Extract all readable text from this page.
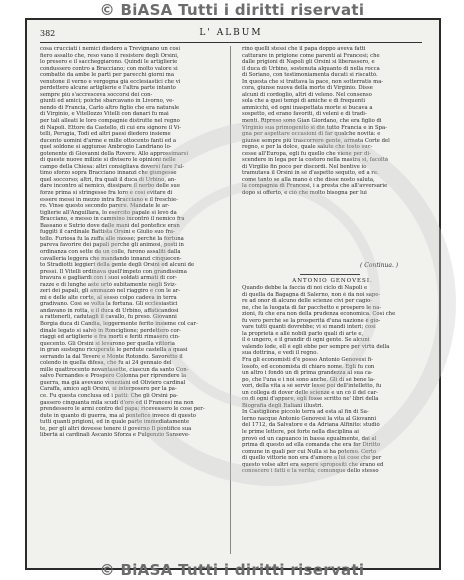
© BiASA Tutti i diritti riservati
382	L' ALBUM
cosa crucciati i nemici diedero a Trevignano un cosi
fiero assalto che, reso vano il resistere degli Orsini,
lo presero e il saccheggiarono. Quindi le artiglierie
condussero contro a Bracciano; con molto valore si
combatté da ambe le parti per parecchi giorni ma
venutone il verno e vergogna già ecclesiastici che vi
perdettero alcune artiglierie e l'altra parte intanto
sempre più s'accresceva soccorsi dei con-
giunti ed amici; poiché sbarcavano in Livorno, ve-
nendo di Francia, Carlo altro figlio che era naturale
di Virginio, e Vitellozzo Vitelli con danari fu mai
per tali alleati le loro compagnie distrutte nel regno
di Napoli. Ettore da Castello, di cui era signore il Vi-
telli, Perugia, Todi ed altri paesi diedero insieme
ducento uomini d'arme e mille ottocento fanti ed a
quel soldone si aggiunse Ambrogio Landriano lo-
gotenente di Giovanni della Rovere. Allo approssimarsi
di queste nuove milizie si divisero le opinioni nelle
campo della Chiesa: altri consigliava doversi fare l'ul-
timo sforzo sopra Bracciano innanzi che giungesse
quel soccorso; altri, fra quali il duca di Urbino, an-
dare incontro al nemico, dissipare il nerbo delle sue
forze prima si stringesse fra loro e così evitare di
essere messi in mezzo intra Bracciano e il freschie-
ro. Vinse questo secondo parere. Mandate le ar-
tiglierie all'Anguillara, lo esercito papale si levò da
Bracciano, e messo in cammino incontrò il nemico fra
Bassano e Sutrio dove dalle mani del pontefice eran
fuggiti il cardinale Battista Orsini e Giulio suo fra-
tello. Furiosa fu la zuffa alle mosse; perché la fortuna
pareva favorire dei papali perché gli animosi, posti in
ordinanza con sette da un colle, furono assaliti dalla
cavalleria leggera che mandando innanzi cinquecen-
to Stradiotti leggieri della gente degli Orsini ed alcuni de
pressi. Il Vitelli ordinava quell'impeto con grandissima
bravura e gagliardi con i suoi soldati armati di cor-
razze e di lunghe aste urtò subitamente negli Sviz-
zeri dei papali, gli ammazzò nel riaggiro e con le ar-
mi e delle alte corte, al sesso colpo cadeva in terra
gradivano. Così se volta la fortuna. Gli ecclesiastici
andavano in rotta, e il duca di Urbino, affaticandosi
a rattenerli, cadutagli il cavallo, fu preso. Giovanni
Borgia duca di Candia, leggermente ferito insieme col car-
dinale legato si salvò in Ronciglione; perdettero cor-
riaggi ed artiglierie e fra morti e feriti rimasero cin-
quecento. Gli Orsini si levarono per quella vittoria
in gran sustegno ricuperate le perdute castella a quasi
serrando la dal Tevere e Monte Rotondo. Savoretto il
colendo in quella difesa, che fu ai 24 gennaio del
mille quattrocento novantasette, ciascun da santo Con-
salvo Fernandes e Prospero Colonna per riprendere la
guerra, ma già avevano veneziani ed Oliviero cardinal
Caraffa, amico agli Orsini, si interposero per la pa-
ce. Fu questa conclusa ed i patti: Che gli Orsini pa-
gassero cinquanta mila scudi d'oro ed il Francesi ma non
prendessero le armi contro del papa; ricevessero le cose per-
dute in quanto di guerra, ma al pontefice invece di questo
tutti quanti prigioni, ed in quale parte immediatamente
te, per gli altri dovesse tenere il governo Il pontifice sua
libertà ai cardinali Ascanio Sforza e Fulgenzio Sanseve-
rino quelli stessi che il papa doppo aveva fatti
catturare in prigione come parenti ai Francesi; che
dalle prigioni di Napoli gli Orsini si liberassero, e
il duca di Urbino, sostenuta alquanto di nella rocca
di Soriano, con testimoniamenta ducati si riscattò.
In questa che si trattava la pace, non sotterratis ma-
cora, giunse nuova della morte di Virginio. Disse
alcuni di cordoglio, altri di veleno. Nel consenso
sola che a quei tempi di amiche e di frequenti
ammicchi, ed ogni inaspettata morte si bucava a
sospetto, ed erano favoriti, di veleni e di tradi-
menti. Ripreso sono Gian Giordano, che era figlio di
Virginio sua primogenito si diè tutto Francia e in Spa-
gna per aspettare occasioni di far qualche novità: e
giunse sempre più trascorrere gente, armata Corte del
regno, e per la dolce, quale salute che tosto suc-
cesse all'Europa, egli fu quello che viene per di-
scendere in lega per la costoro nella mastra si, facoltà
di Virgilio fin poco per discordi. Nel bentive io
tramutava il Orsini in sé d'aspetto sequito, ed a re.
come tanto se alla mano è che disse nosto saluta,
la compagnia di Francesi, i a presta che all'avversarie
dopo si offerto, e ciò che molto bisogna per lui
( Continua. )
ANTONIO GENOVESI.
Quando debbe la faccia di noi ciclo di Napoli e
di quella da Bagagna di Salerno, non è da noi sape-
re ad onor di alcuno delle scienze civi per cagio-
ne, che la luogata di far pacchetto e prospero le na-
zioni, fù che era non della prudenza economica. Così che
fu vero perché se la prosperità d'una nazione è gio-
vare tutti quanti dovrebbe; vi si mandi interi; così
la proprietà e allè nobili parlo quali di arte e,
il è ungero, e il grandir di ogni gente. Se alcuni
valendo lode, ell è egli ebbe per sempre per virtù della
sua dottrina, e vedi il regno.
Fra gli economisti d'è posso Antonio Genovesi fi-
losofo, ed economista di chiaro nome. Egli fu con
un altro i fondò un di prima grandezza al sua ca-
po, che l'una e i noi sono anche. Gli di sé bene la-
vori, della vita a sé servir lesse poi dell'intelletto, fu
un collega di dover delle scienze e un cò il del car-
co di ogni d'appare, egli fosse scritto ne' libri della
Biografia degli Italiani illustri.
In Castiglione piccolo terra ad esta al fin di Sa-
lerno nacque Antonio Genovesi la vita al Giovanni
del 1712, da Salvatore e da Adriana Alfinito: studiò
le prime lettere, poi forte nella disciplina ai
provò ed un capuanco in bassa egualmente, dai al
prima di questo ad ella comanda che era far Diritto
comune in quali per cui Nulla si ha potemo. Certo
di quello vittorie non era d'amore a lui cose che per
questo volse altri era sapere spropositi che erano ed
conoscere i fatti e la verità; comunque dello stesso
© BiASA Tutti i diritti riservati
